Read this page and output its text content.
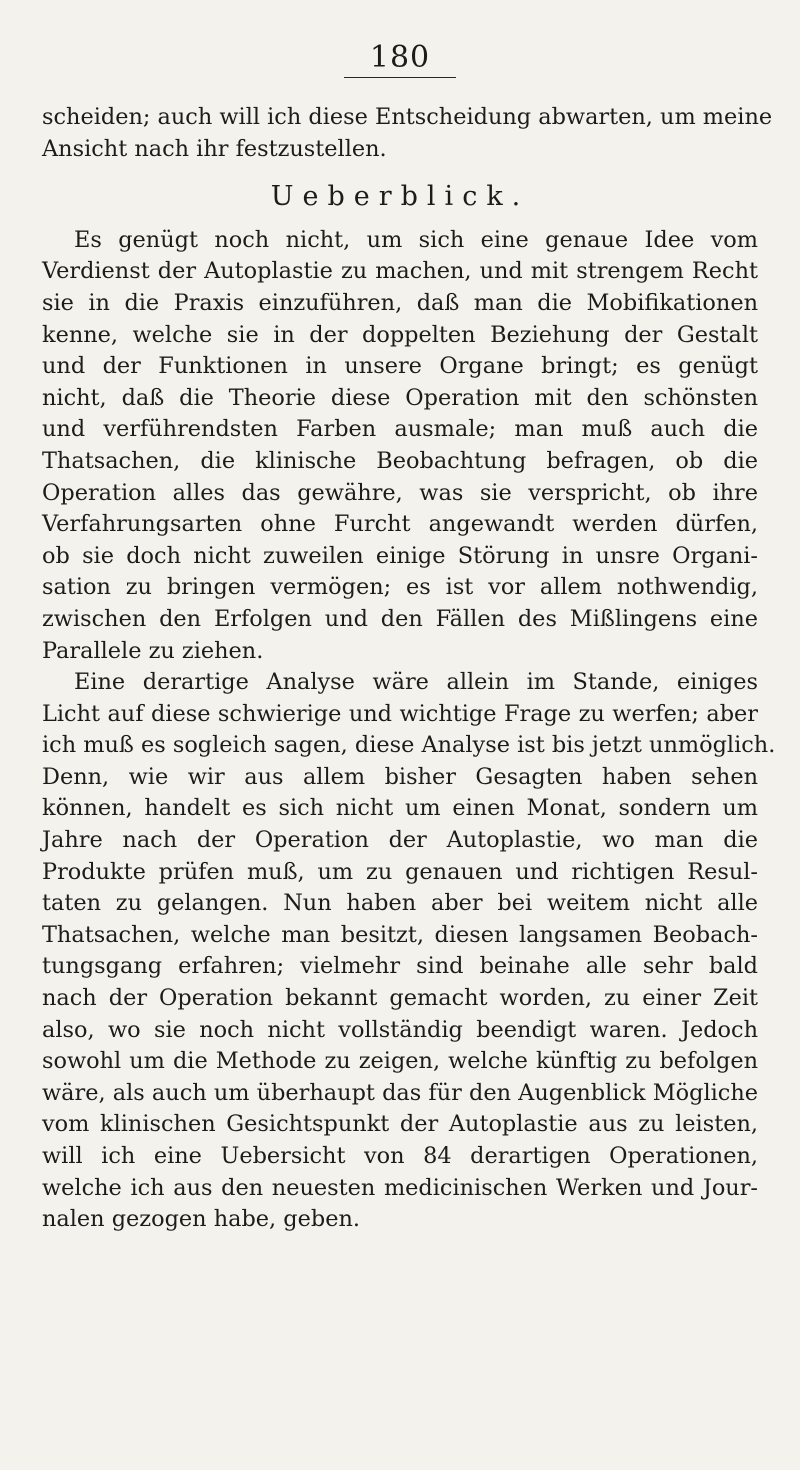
180
scheiden; auch will ich diese Entscheidung abwarten, um meine
Ansicht nach ihr festzustellen.
Ueberblick.
Es genügt noch nicht, um sich eine genaue Idee vom
Verdienst der Autoplastie zu machen, und mit strengem Recht
sie in die Praxis einzuführen, daß man die Mobifikationen
kenne, welche sie in der doppelten Beziehung der Gestalt
und der Funktionen in unsere Organe bringt; es genügt
nicht, daß die Theorie diese Operation mit den schönsten
und verführendsten Farben ausmale; man muß auch die
Thatsachen, die klinische Beobachtung befragen, ob die
Operation alles das gewähre, was sie verspricht, ob ihre
Verfahrungsarten ohne Furcht angewandt werden dürfen,
ob sie doch nicht zuweilen einige Störung in unsre Organi-
sation zu bringen vermögen; es ist vor allem nothwendig,
zwischen den Erfolgen und den Fällen des Mißlingens eine
Parallele zu ziehen.
Eine derartige Analyse wäre allein im Stande, einiges
Licht auf diese schwierige und wichtige Frage zu werfen; aber
ich muß es sogleich sagen, diese Analyse ist bis jetzt unmöglich.
Denn, wie wir aus allem bisher Gesagten haben sehen
können, handelt es sich nicht um einen Monat, sondern um
Jahre nach der Operation der Autoplastie, wo man die
Produkte prüfen muß, um zu genauen und richtigen Resul-
taten zu gelangen. Nun haben aber bei weitem nicht alle
Thatsachen, welche man besitzt, diesen langsamen Beobach-
tungsgang erfahren; vielmehr sind beinahe alle sehr bald
nach der Operation bekannt gemacht worden, zu einer Zeit
also, wo sie noch nicht vollständig beendigt waren. Jedoch
sowohl um die Methode zu zeigen, welche künftig zu befolgen
wäre, als auch um überhaupt das für den Augenblick Mögliche
vom klinischen Gesichtspunkt der Autoplastie aus zu leisten,
will ich eine Uebersicht von 84 derartigen Operationen,
welche ich aus den neuesten medicinischen Werken und Jour-
nalen gezogen habe, geben.
